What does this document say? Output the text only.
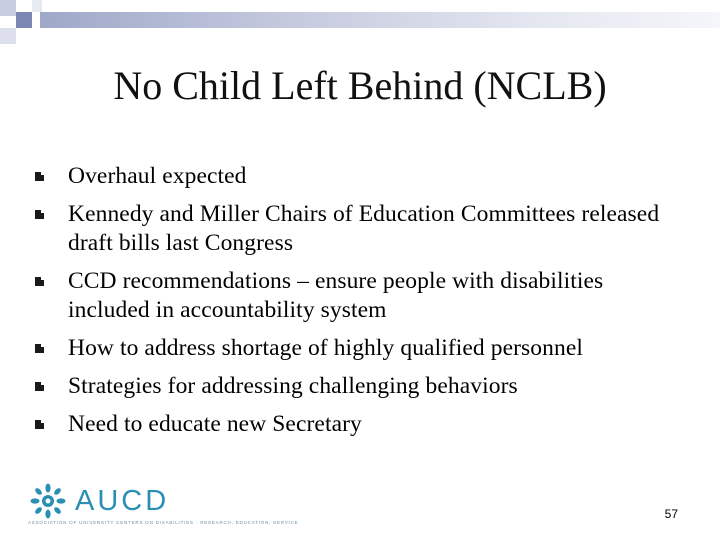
No Child Left Behind (NCLB)
Overhaul expected
Kennedy and Miller Chairs of Education Committees released draft bills last Congress
CCD recommendations – ensure people with disabilities included in accountability system
How to address shortage of highly qualified personnel
Strategies for addressing challenging behaviors
Need to educate new Secretary
AUCD
ASSOCIATION OF UNIVERSITY CENTERS ON DISABILITIES · RESEARCH, EDUCATION, SERVICE
57
